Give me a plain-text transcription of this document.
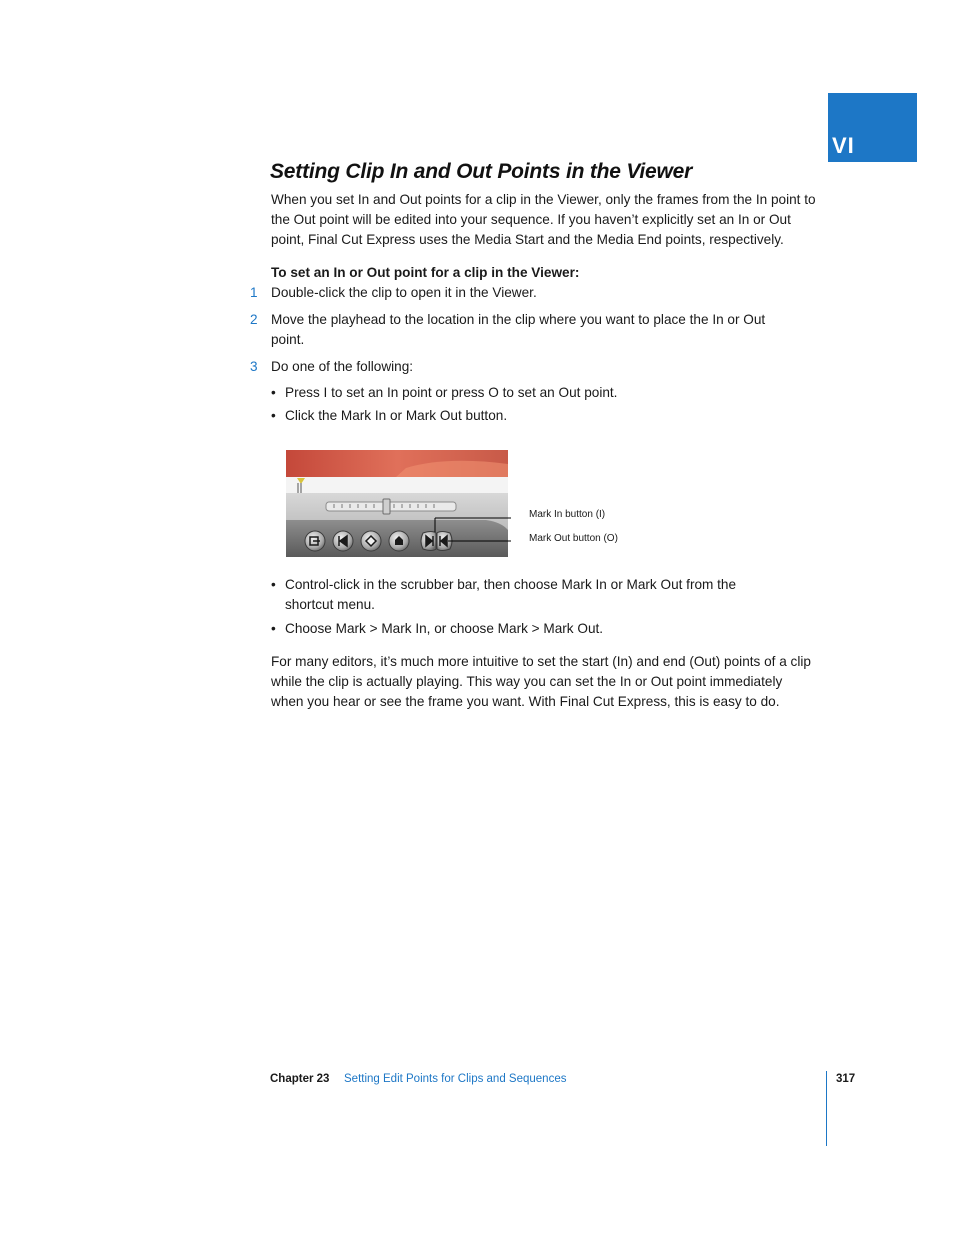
VI
Setting Clip In and Out Points in the Viewer

When you set In and Out points for a clip in the Viewer, only the frames from the In point to the Out point will be edited into your sequence. If you haven’t explicitly set an In or Out point, Final Cut Express uses the Media Start and the Media End points, respectively.

To set an In or Out point for a clip in the Viewer:

1 Double-click the clip to open it in the Viewer.
2 Move the playhead to the location in the clip where you want to place the In or Out point.
3 Do one of the following:
• Press I to set an In point or press O to set an Out point.
• Click the Mark In or Mark Out button.
Mark In button (I)
Mark Out button (O)
• Control-click in the scrubber bar, then choose Mark In or Mark Out from the shortcut menu.
• Choose Mark > Mark In, or choose Mark > Mark Out.

For many editors, it’s much more intuitive to set the start (In) and end (Out) points of a clip while the clip is actually playing. This way you can set the In or Out point immediately when you hear or see the frame you want. With Final Cut Express, this is easy to do.

Chapter 23 Setting Edit Points for Clips and Sequences	317
